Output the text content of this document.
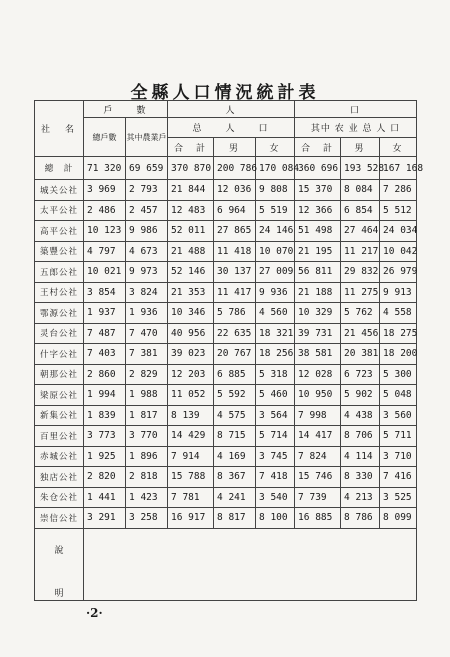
全縣人口情況統計表
社　名	戶　　數		人			口		
	總戶數	其中農業戶	总　　人　　口			其中 农 业 总 人 口		
			合　計	男	女	合　計	男	女
總　計	71 320	69 659	370 870	200 786	170 084	360 696	193 528	167 168
城关公社	3 969	2 793	21 844	12 036	9 808	15 370	8 084	7 286
太平公社	2 486	2 457	12 483	6 964	5 519	12 366	6 854	5 512
高平公社	10 123	9 986	52 011	27 865	24 146	51 498	27 464	24 034
築豐公社	4 797	4 673	21 488	11 418	10 070	21 195	11 217	10 042
五郎公社	10 021	9 973	52 146	30 137	27 009	56 811	29 832	26 979
王村公社	3 854	3 824	21 353	11 417	9 936	21 188	11 275	9 913
鄂源公社	1 937	1 936	10 346	5 786	4 560	10 329	5 762	4 558
灵台公社	7 487	7 470	40 956	22 635	18 321	39 731	21 456	18 275
什字公社	7 403	7 381	39 023	20 767	18 256	38 581	20 381	18 200
朝那公社	2 860	2 829	12 203	6 885	5 318	12 028	6 723	5 300
梁原公社	1 994	1 988	11 052	5 592	5 460	10 950	5 902	5 048
新集公社	1 839	1 817	8 139	4 575	3 564	7 998	4 438	3 560
百里公社	3 773	3 770	14 429	8 715	5 714	14 417	8 706	5 711
赤城公社	1 925	1 896	7 914	4 169	3 745	7 824	4 114	3 710
独店公社	2 820	2 818	15 788	8 367	7 418	15 746	8 330	7 416
朱仓公社	1 441	1 423	7 781	4 241	3 540	7 739	4 213	3 525
崇信公社	3 291	3 258	16 917	8 817	8 100	16 885	8 786	8 099

說
明								

·2·
